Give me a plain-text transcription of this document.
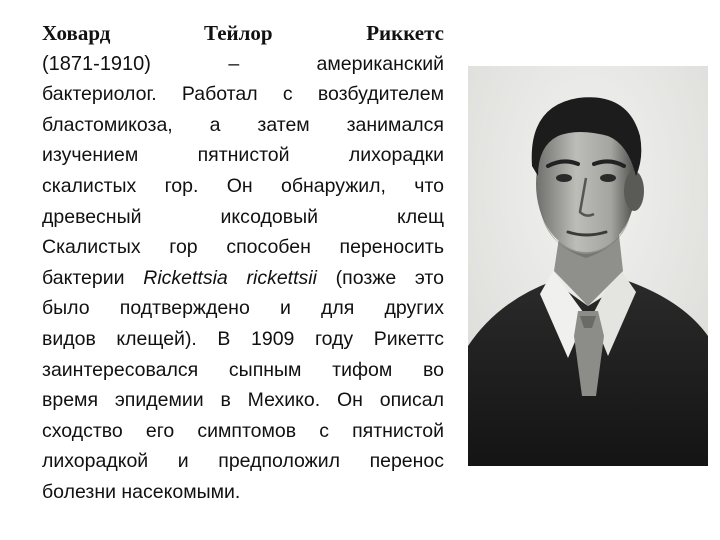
Ховард	Тейлор	Риккетс
(1871-1910)	–	американский
бактериолог. Работал с возбудителем
бластомикоза, а затем занимался
изучением	пятнистой	лихорадки
скалистых гор. Он обнаружил, что
древесный	иксодовый	клещ
Скалистых гор способен переносить
бактерии Rickettsia rickettsii (позже это
было подтверждено и для других
видов клещей). В 1909 году Рикеттс
заинтересовался сыпным тифом во
время эпидемии в Мехико. Он описал
сходство его симптомов с пятнистой
лихорадкой и предположил перенос
болезни насекомыми.
